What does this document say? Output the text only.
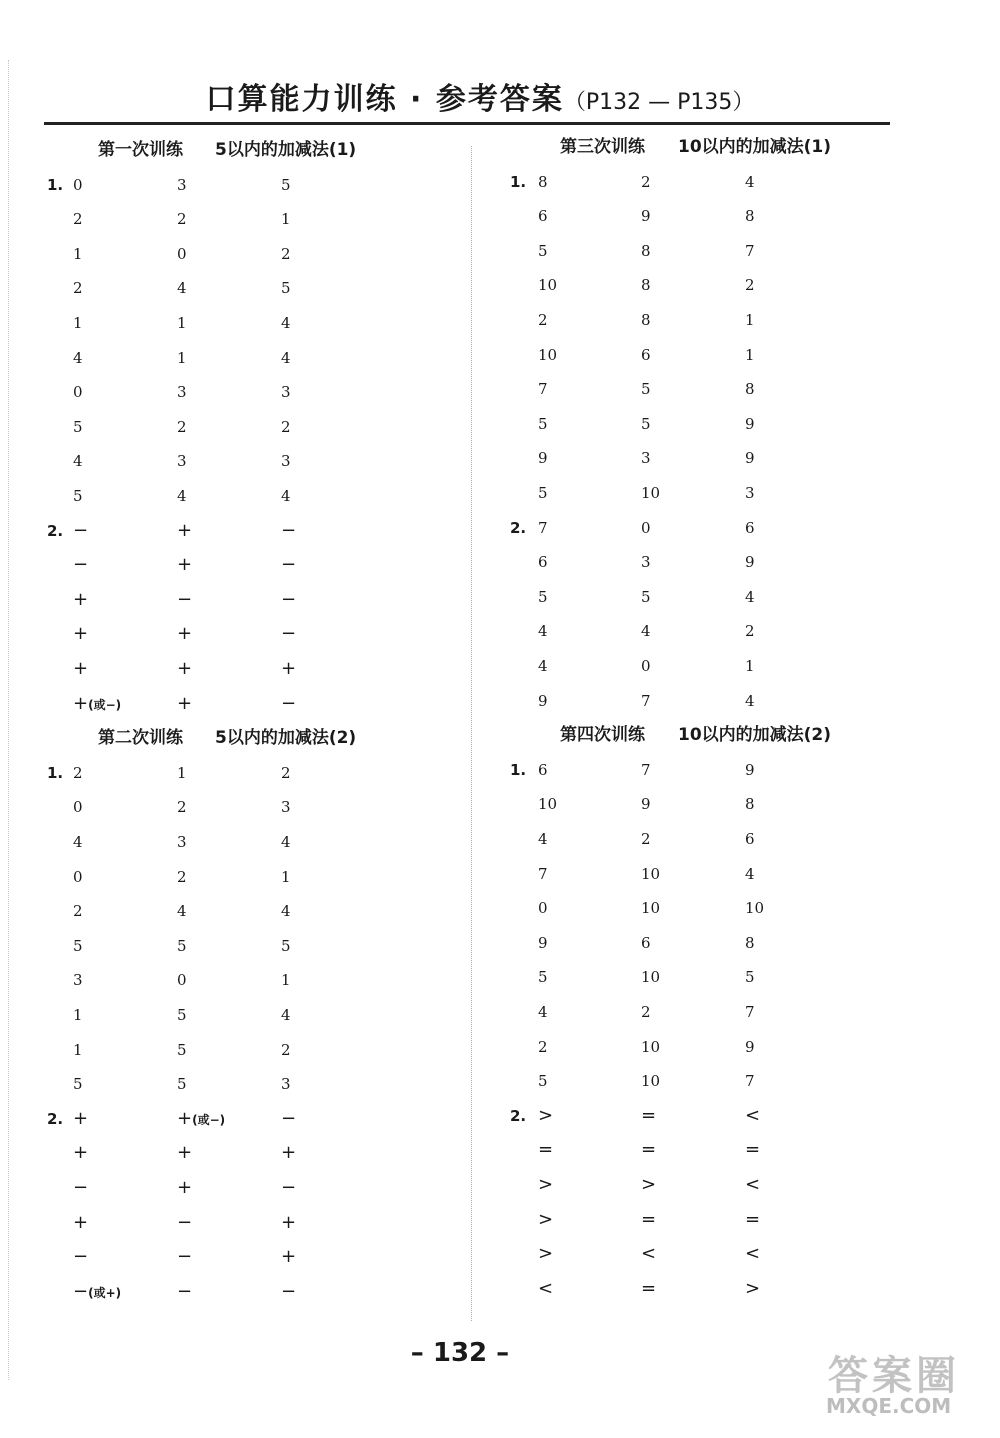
口算能力训练 · 参考答案（P132 — P135）
第一次训练 5以内的加减法(1)
1. 0	3	5
2	2	1
1	0	2
2	4	5
1	1	4
4	1	4
0	3	3
5	2	2
4	3	3
5	4	4
2. −	+	−
−	+	−
+	−	−
+	+	−
+	+	+
+(或−)	+	−
第二次训练 5以内的加减法(2)
1. 2	1	2
0	2	3
4	3	4
0	2	1
2	4	4
5	5	5
3	0	1
1	5	4
1	5	2
5	5	3
2. +	+(或−)	−
+	+	+
−	+	−
+	−	+
−	−	+
−(或+)	−	−
第三次训练 10以内的加减法(1)
1. 8	2	4
6	9	8
5	8	7
10	8	2
2	8	1
10	6	1
7	5	8
5	5	9
9	3	9
5	10	3
2. 7	0	6
6	3	9
5	5	4
4	4	2
4	0	1
9	7	4
第四次训练 10以内的加减法(2)
1. 6	7	9
10	9	8
4	2	6
7	10	4
0	10	10
9	6	8
5	10	5
4	2	7
2	10	9
5	10	7
2. >	=	<
=	=	=
>	>	<
>	=	=
>	<	<
<	=	>
– 132 –	答案圈
MXQE.COM
